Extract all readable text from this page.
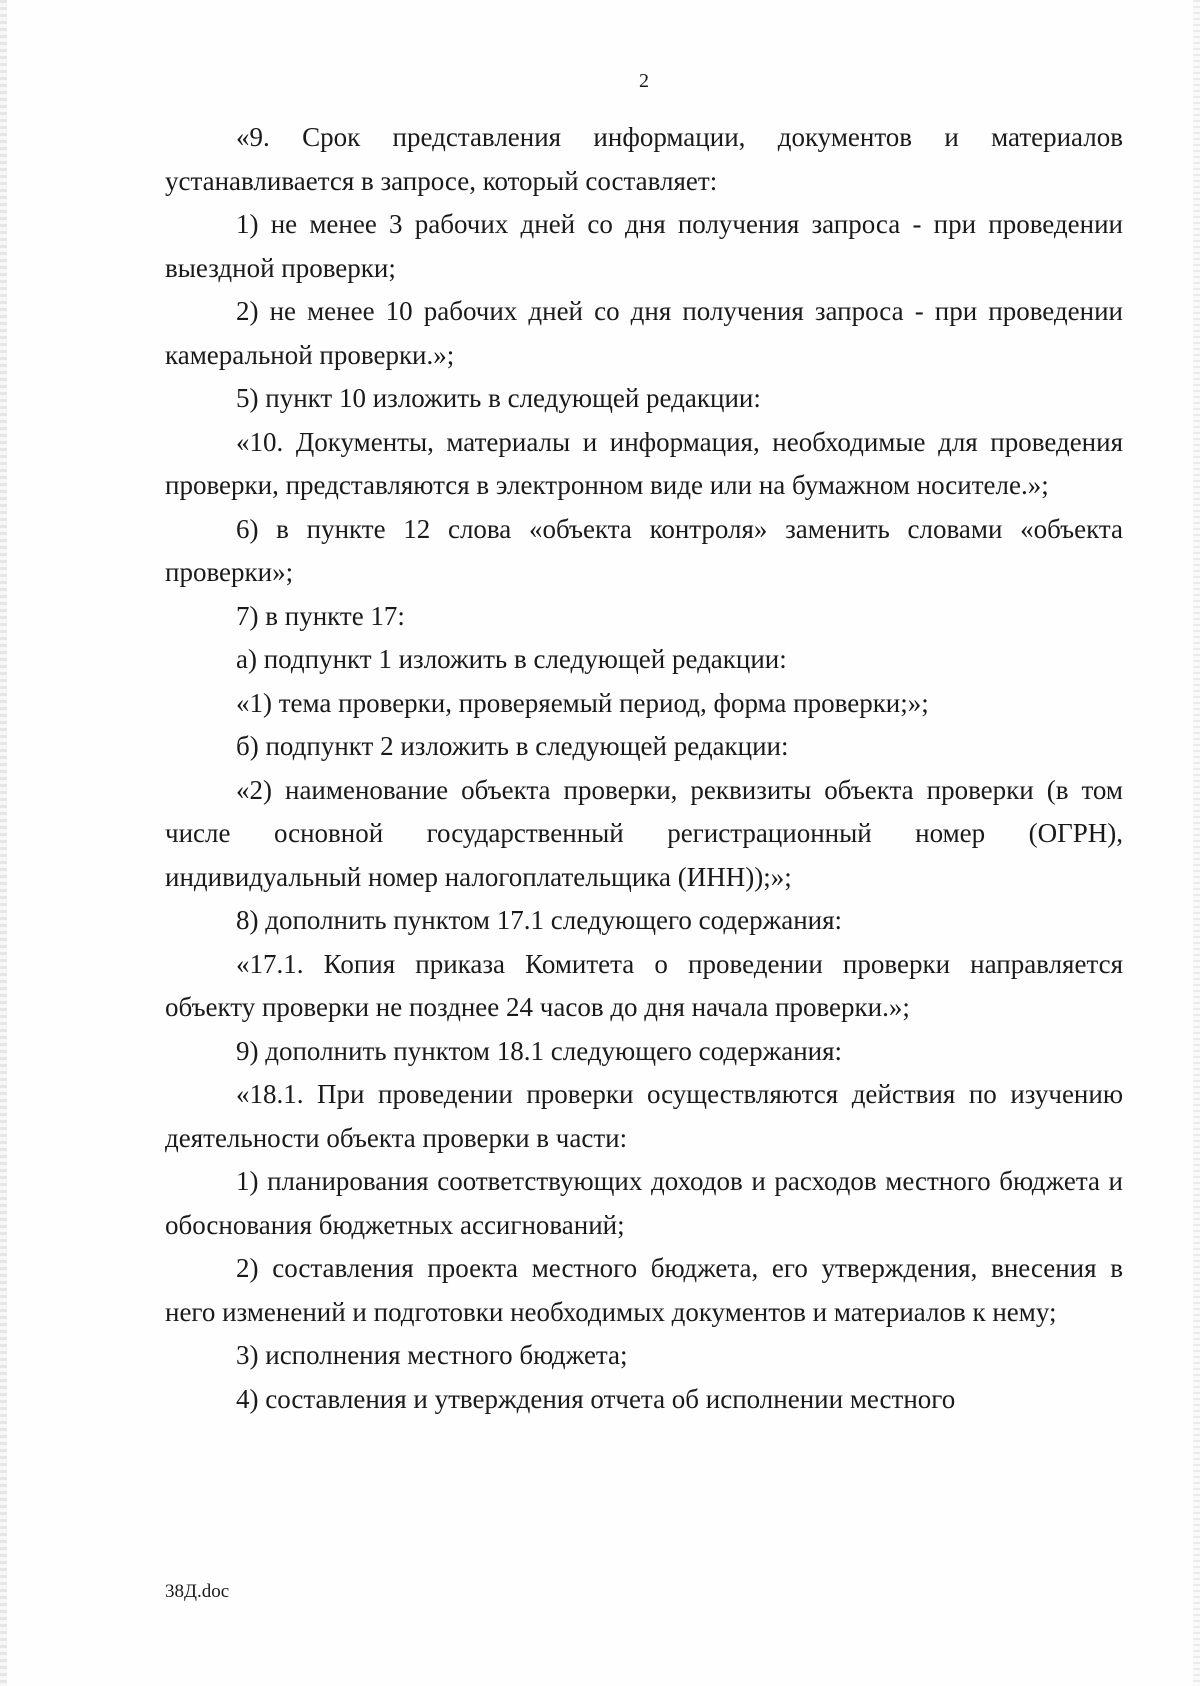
2

«9. Срок представления информации, документов и материалов устанавливается в запросе, который составляет:

1) не менее 3 рабочих дней со дня получения запроса - при проведении выездной проверки;

2) не менее 10 рабочих дней со дня получения запроса - при проведении камеральной проверки.»;

5) пункт 10 изложить в следующей редакции:

«10. Документы, материалы и информация, необходимые для проведения проверки, представляются в электронном виде или на бумажном носителе.»;

6) в пункте 12 слова «объекта контроля» заменить словами «объекта проверки»;

7) в пункте 17:

а) подпункт 1 изложить в следующей редакции:

«1) тема проверки, проверяемый период, форма проверки;»;

б) подпункт 2 изложить в следующей редакции:

«2) наименование объекта проверки, реквизиты объекта проверки (в том числе основной государственный регистрационный номер (ОГРН), индивидуальный номер налогоплательщика (ИНН));»;

8) дополнить пунктом 17.1 следующего содержания:

«17.1. Копия приказа Комитета о проведении проверки направляется объекту проверки не позднее 24 часов до дня начала проверки.»;

9) дополнить пунктом 18.1 следующего содержания:

«18.1. При проведении проверки осуществляются действия по изучению деятельности объекта проверки в части:

1) планирования соответствующих доходов и расходов местного бюджета и обоснования бюджетных ассигнований;

2) составления проекта местного бюджета, его утверждения, внесения в него изменений и подготовки необходимых документов и материалов к нему;

3) исполнения местного бюджета;

4) составления и утверждения отчета об исполнении местного

38Д.doc
